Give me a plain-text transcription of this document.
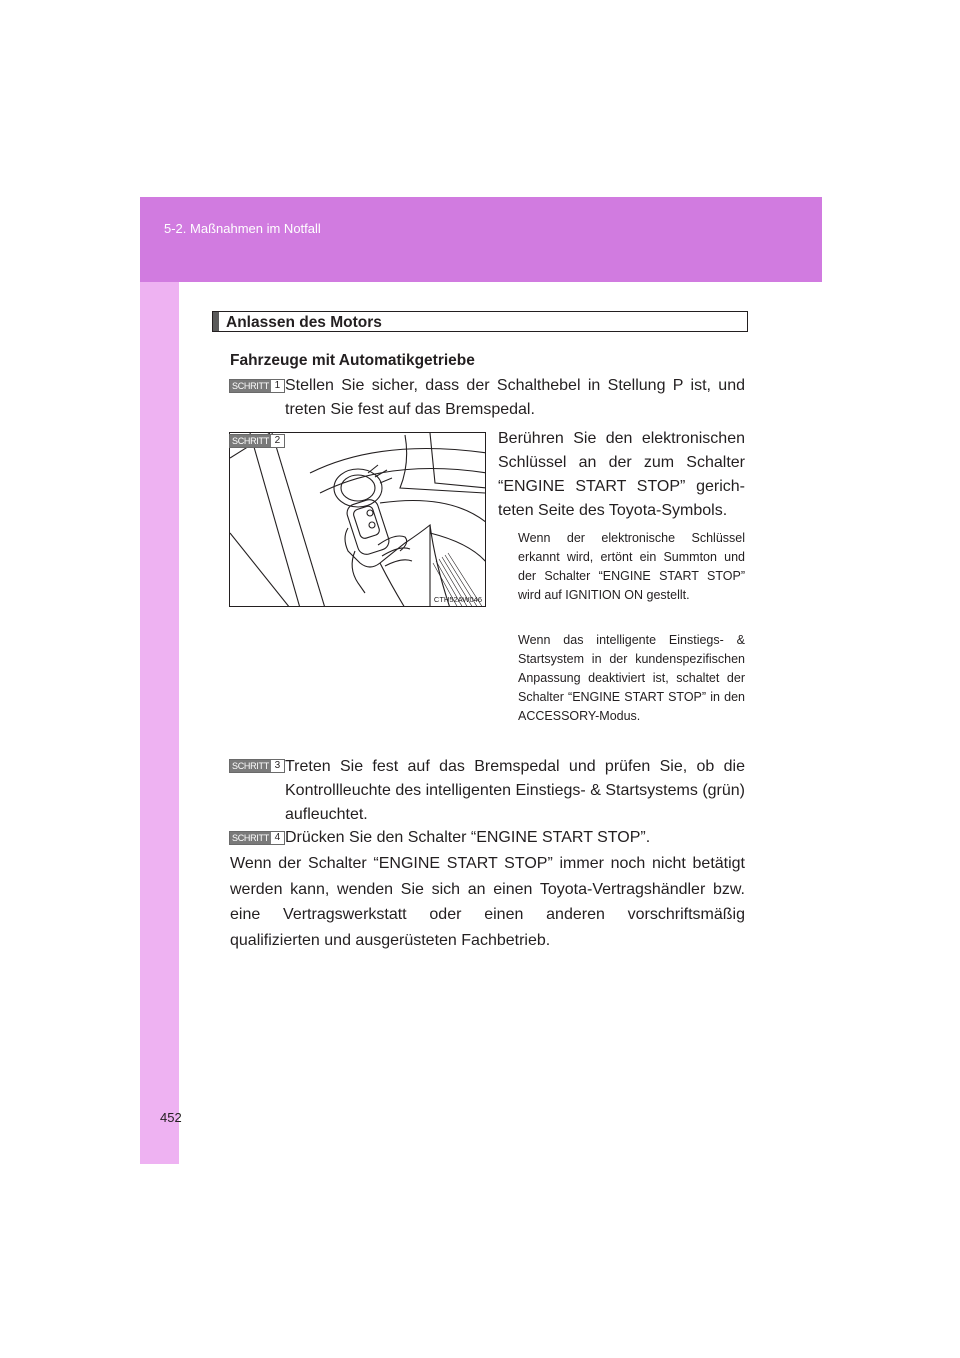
5-2. Maßnahmen im Notfall
452
Anlassen des Motors
Fahrzeuge mit Automatikgetriebe
SCHRITT 1 Stellen Sie sicher, dass der Schalthebel in Stellung P ist, und treten Sie fest auf das Bremspedal.
CTH52AW046
SCHRITT 2	Berühren Sie den elektronischen Schlüssel an der zum Schalter “ENGINE START STOP” gerichteten Seite des Toyota-Symbols.
Wenn der elektronische Schlüssel erkannt wird, ertönt ein Summton und der Schalter “ENGINE START STOP” wird auf IGNITION ON gestellt.
Wenn das intelligente Einstiegs- & Startsystem in der kundenspezifischen Anpassung deaktiviert ist, schaltet der Schalter “ENGINE START STOP” in den ACCESSORY-Modus.
SCHRITT 3 Treten Sie fest auf das Bremspedal und prüfen Sie, ob die Kontrollleuchte des intelligenten Einstiegs- & Startsystems (grün) aufleuchtet.
SCHRITT 4 Drücken Sie den Schalter “ENGINE START STOP”.
Wenn der Schalter “ENGINE START STOP” immer noch nicht betätigt werden kann, wenden Sie sich an einen Toyota-Vertragshändler bzw. eine Vertragswerkstatt oder einen anderen vorschriftsmäßig qualifizierten und ausgerüsteten Fachbetrieb.
